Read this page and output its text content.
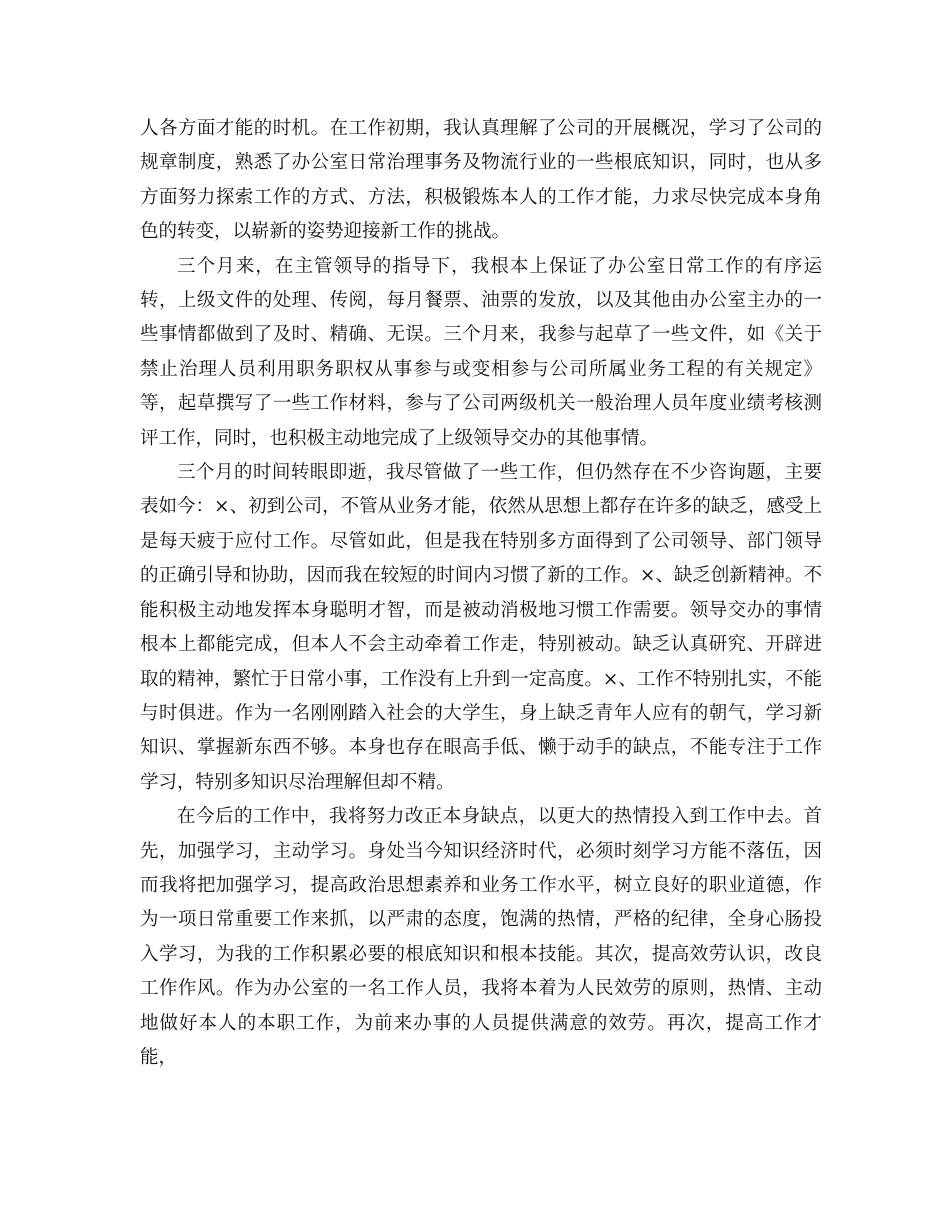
人各方面才能的时机。在工作初期，我认真理解了公司的开展概况，学习了公司的规章制度，熟悉了办公室日常治理事务及物流行业的一些根底知识，同时，也从多方面努力探索工作的方式、方法，积极锻炼本人的工作才能，力求尽快完成本身角色的转变，以崭新的姿势迎接新工作的挑战。

三个月来，在主管领导的指导下，我根本上保证了办公室日常工作的有序运转，上级文件的处理、传阅，每月餐票、油票的发放，以及其他由办公室主办的一些事情都做到了及时、精确、无误。三个月来，我参与起草了一些文件，如《关于禁止治理人员利用职务职权从事参与或变相参与公司所属业务工程的有关规定》等，起草撰写了一些工作材料，参与了公司两级机关一般治理人员年度业绩考核测评工作，同时，也积极主动地完成了上级领导交办的其他事情。

三个月的时间转眼即逝，我尽管做了一些工作，但仍然存在不少咨询题，主要表如今：×、初到公司，不管从业务才能，依然从思想上都存在许多的缺乏，感受上是每天疲于应付工作。尽管如此，但是我在特别多方面得到了公司领导、部门领导的正确引导和协助，因而我在较短的时间内习惯了新的工作。×、缺乏创新精神。不能积极主动地发挥本身聪明才智，而是被动消极地习惯工作需要。领导交办的事情根本上都能完成，但本人不会主动牵着工作走，特别被动。缺乏认真研究、开辟进取的精神，繁忙于日常小事，工作没有上升到一定高度。×、工作不特别扎实，不能与时俱进。作为一名刚刚踏入社会的大学生，身上缺乏青年人应有的朝气，学习新知识、掌握新东西不够。本身也存在眼高手低、懒于动手的缺点，不能专注于工作学习，特别多知识尽治理解但却不精。

在今后的工作中，我将努力改正本身缺点，以更大的热情投入到工作中去。首先，加强学习，主动学习。身处当今知识经济时代，必须时刻学习方能不落伍，因而我将把加强学习，提高政治思想素养和业务工作水平，树立良好的职业道德，作为一项日常重要工作来抓，以严肃的态度，饱满的热情，严格的纪律，全身心肠投入学习，为我的工作积累必要的根底知识和根本技能。其次，提高效劳认识，改良工作作风。作为办公室的一名工作人员，我将本着为人民效劳的原则，热情、主动地做好本人的本职工作，为前来办事的人员提供满意的效劳。再次，提高工作才能，
